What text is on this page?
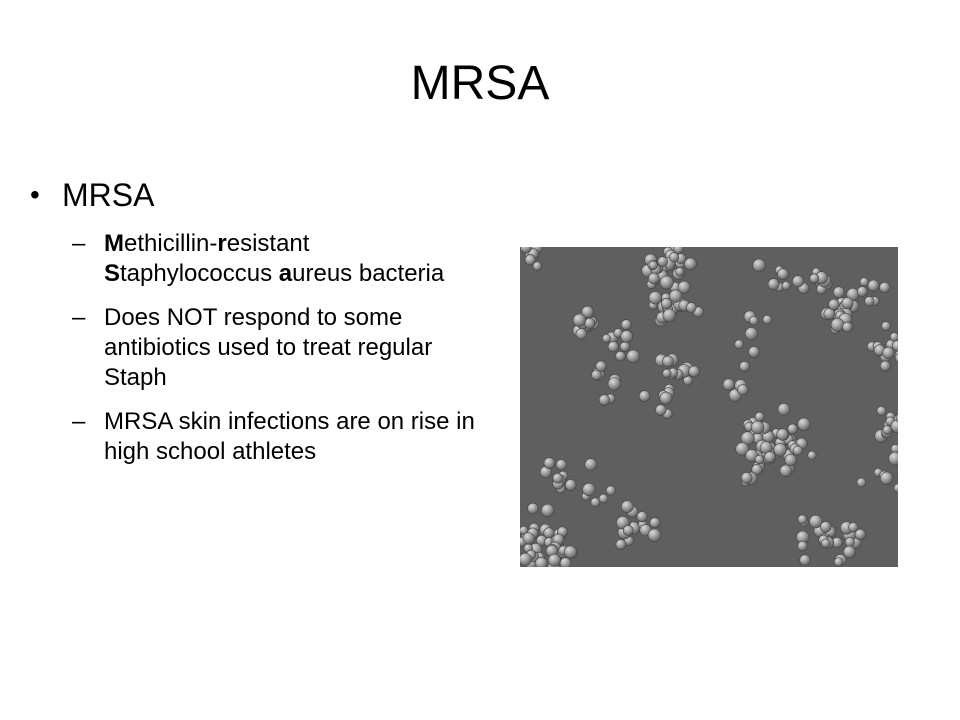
MRSA
• MRSA
– Methicillin-resistant Staphylococcus aureus bacteria
– Does NOT respond to some antibiotics used to treat regular Staph
– MRSA skin infections are on rise in high school athletes
